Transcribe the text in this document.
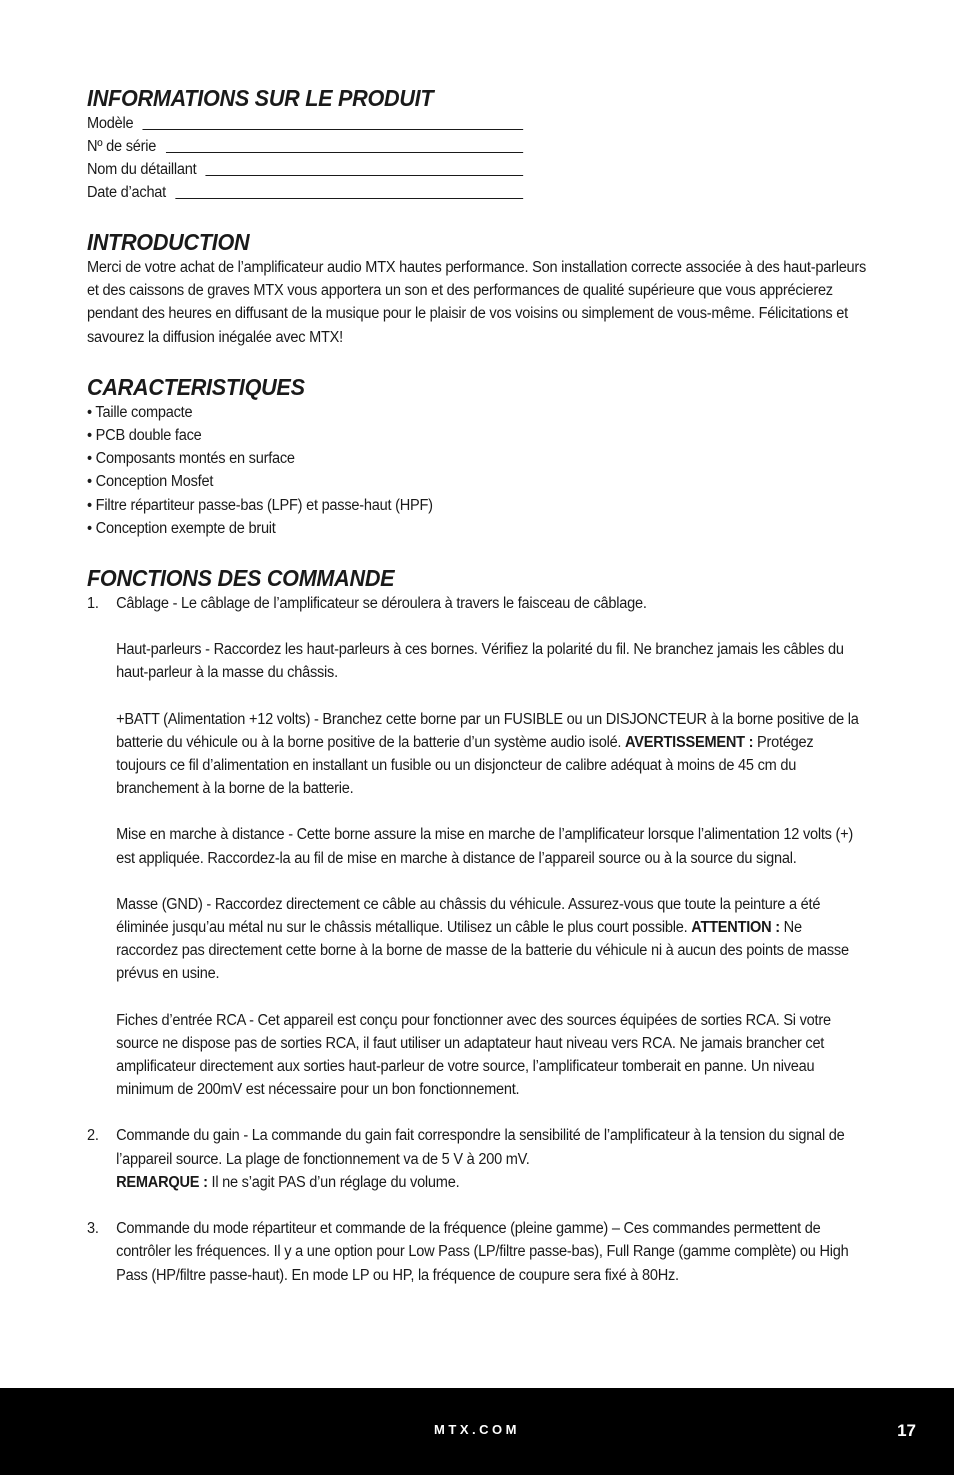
INFORMATIONS SUR LE PRODUIT
Modèle
Nº de série
Nom du détaillant
Date d’achat
INTRODUCTION

Merci de votre achat de l’amplificateur audio MTX hautes performance. Son installation correcte associée à des haut-parleurs et des caissons de graves MTX vous apportera un son et des performances de qualité supérieure que vous apprécierez pendant des heures en diffusant de la musique pour le plaisir de vos voisins ou simplement de vous-même. Félicitations et savourez la diffusion inégalée avec MTX!

CARACTERISTIQUES
• Taille compacte
• PCB double face
• Composants montés en surface
• Conception Mosfet
• Filtre répartiteur passe-bas (LPF) et passe-haut (HPF)
• Conception exempte de bruit
FONCTIONS DES COMMANDE
1. Câblage - Le câblage de l’amplificateur se déroulera à travers le faisceau de câblage.

Haut-parleurs - Raccordez les haut-parleurs à ces bornes. Vérifiez la polarité du fil. Ne branchez jamais les câbles du haut-parleur à la masse du châssis.

+BATT (Alimentation +12 volts) - Branchez cette borne par un FUSIBLE ou un DISJONCTEUR à la borne positive de la batterie du véhicule ou à la borne positive de la batterie d’un système audio isolé. AVERTISSEMENT : Protégez toujours ce fil d’alimentation en installant un fusible ou un disjoncteur de calibre adéquat à moins de 45 cm du branchement à la borne de la batterie.

Mise en marche à distance - Cette borne assure la mise en marche de l’amplificateur lorsque l’alimentation 12 volts (+) est appliquée. Raccordez-la au fil de mise en marche à distance de l’appareil source ou à la source du signal.

Masse (GND) - Raccordez directement ce câble au châssis du véhicule. Assurez-vous que toute la peinture a été éliminée jusqu’au métal nu sur le châssis métallique. Utilisez un câble le plus court possible. ATTENTION : Ne raccordez pas directement cette borne à la borne de masse de la batterie du véhicule ni à aucun des points de masse prévus en usine.

Fiches d’entrée RCA - Cet appareil est conçu pour fonctionner avec des sources équipées de sorties RCA. Si votre source ne dispose pas de sorties RCA, il faut utiliser un adaptateur haut niveau vers RCA. Ne jamais brancher cet amplificateur directement aux sorties haut-parleur de votre source, l’amplificateur tomberait en panne. Un niveau minimum de 200mV est nécessaire pour un bon fonctionnement.

2. Commande du gain - La commande du gain fait correspondre la sensibilité de l’amplificateur à la tension du signal de l’appareil source. La plage de fonctionnement va de 5 V à 200 mV.

REMARQUE : Il ne s’agit PAS d’un réglage du volume.

3. Commande du mode répartiteur et commande de la fréquence (pleine gamme) – Ces commandes permettent de contrôler les fréquences. Il y a une option pour Low Pass (LP/filtre passe-bas), Full Range (gamme complète) ou High Pass (HP/filtre passe-haut). En mode LP ou HP, la fréquence de coupure sera fixé à 80Hz.

MTX.COM	17
